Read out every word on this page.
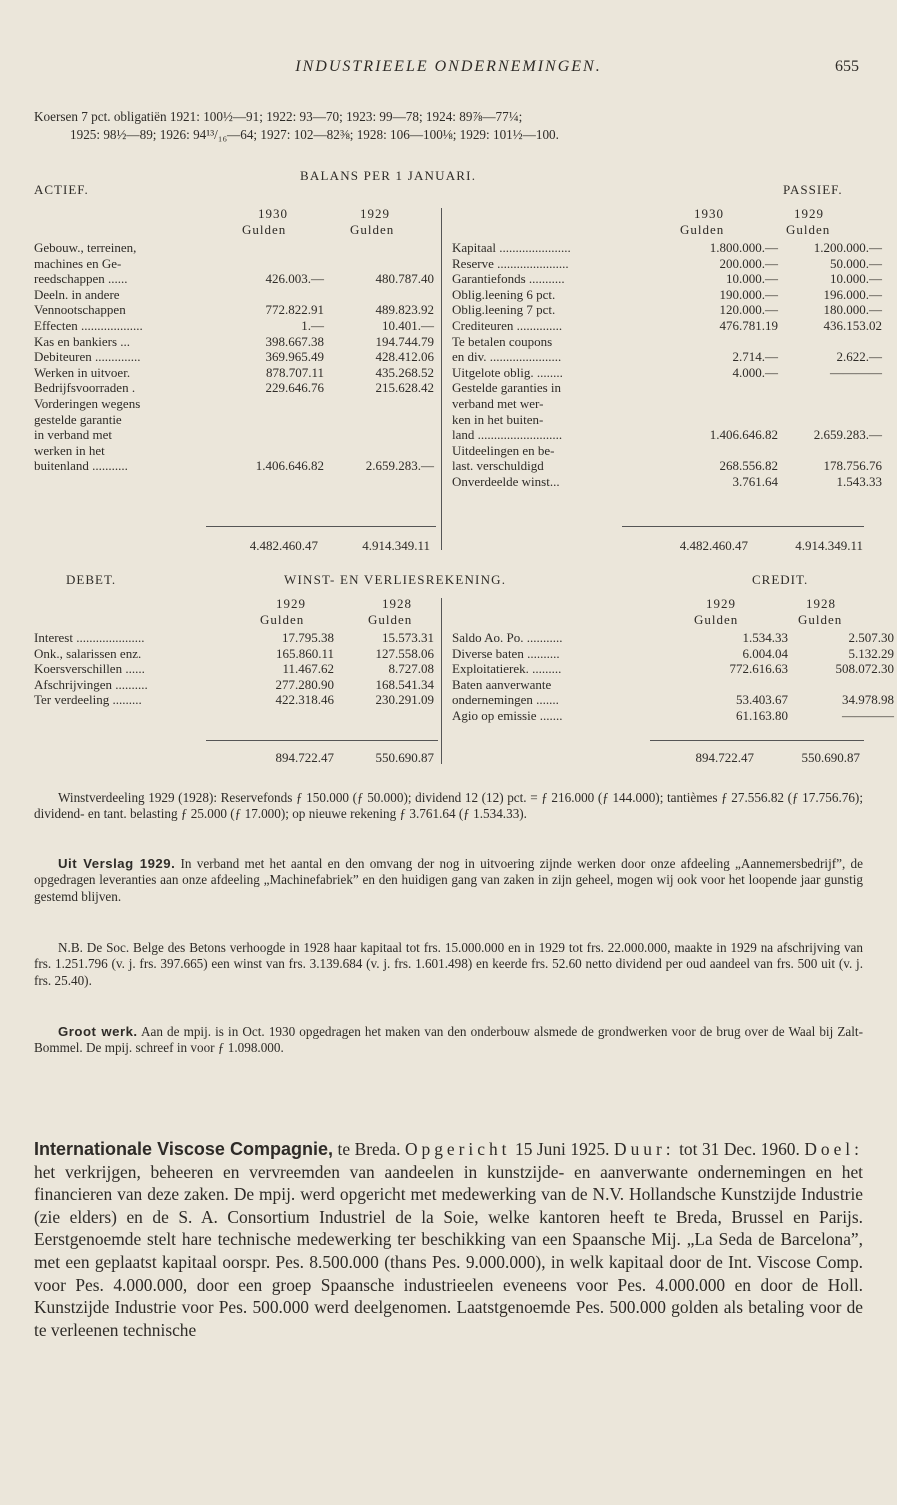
INDUSTRIEELE ONDERNEMINGEN.	655
Koersen 7 pct. obligatiën 1921: 100½—91; 1922: 93—70; 1923: 99—78; 1924: 89⅞—77¼;
1925: 98½—89; 1926: 94¹³/₁₆—64; 1927: 102—82⅜; 1928: 106—100⅛; 1929: 101½—100.
BALANS PER 1 JANUARI.
ACTIEF.	PASSIEF.
1930	1929
Gulden	Gulden
1930	1929
Gulden	Gulden
Gebouw., terreinen,
machines en Ge-
reedschappen ......	426.003.—	480.787.40
Deeln. in andere
Vennootschappen	772.822.91	489.823.92
Effecten ...................	1.—	10.401.—
Kas en bankiers ...	398.667.38	194.744.79
Debiteuren ..............	369.965.49	428.412.06
Werken in uitvoer.	878.707.11	435.268.52
Bedrijfsvoorraden .	229.646.76	215.628.42
Vorderingen wegens
gestelde garantie
in verband met
werken in het
buitenland ...........	1.406.646.82	2.659.283.—
Kapitaal ......................	1.800.000.—	1.200.000.—
Reserve ......................	200.000.—	50.000.—
Garantiefonds ...........	10.000.—	10.000.—
Oblig.leening 6 pct.	190.000.—	196.000.—
Oblig.leening 7 pct.	120.000.—	180.000.—
Crediteuren ..............	476.781.19	436.153.02
Te betalen coupons
en div. ......................	2.714.—	2.622.—
Uitgelote oblig. ........	4.000.—	————
Gestelde garanties in
verband met wer-
ken in het buiten-
land ..........................	1.406.646.82	2.659.283.—
Uitdeelingen en be-
last. verschuldigd	268.556.82	178.756.76
Onverdeelde winst...	3.761.64	1.543.33
4.482.460.47	4.914.349.11	4.482.460.47	4.914.349.11
DEBET.	WINST- EN VERLIESREKENING.	CREDIT.
1929	1928
Gulden	Gulden
1929	1928
Gulden	Gulden
Interest .....................	17.795.38	15.573.31
Onk., salarissen enz.	165.860.11	127.558.06
Koersverschillen ......	11.467.62	8.727.08
Afschrijvingen ..........	277.280.90	168.541.34
Ter verdeeling .........	422.318.46	230.291.09
Saldo Ao. Po. ...........	1.534.33	2.507.30
Diverse baten ..........	6.004.04	5.132.29
Exploitatierek. .........	772.616.63	508.072.30
Baten aanverwante
ondernemingen .......	53.403.67	34.978.98
Agio op emissie .......	61.163.80	————
894.722.47	550.690.87	894.722.47	550.690.87
Winstverdeeling 1929 (1928): Reservefonds ƒ 150.000 (ƒ 50.000); dividend 12 (12) pct. = ƒ 216.000 (ƒ 144.000); tantièmes ƒ 27.556.82 (ƒ 17.756.76); dividend- en tant. belasting ƒ 25.000 (ƒ 17.000); op nieuwe rekening ƒ 3.761.64 (ƒ 1.534.33).
Uit Verslag 1929. In verband met het aantal en den omvang der nog in uitvoering zijnde werken door onze afdeeling „Aannemersbedrijf”, de opgedragen leveranties aan onze afdeeling „Machinefabriek” en den huidigen gang van zaken in zijn geheel, mogen wij ook voor het loopende jaar gunstig gestemd blijven.
N.B. De Soc. Belge des Betons verhoogde in 1928 haar kapitaal tot frs. 15.000.000 en in 1929 tot frs. 22.000.000, maakte in 1929 na afschrijving van frs. 1.251.796 (v. j. frs. 397.665) een winst van frs. 3.139.684 (v. j. frs. 1.601.498) en keerde frs. 52.60 netto dividend per oud aandeel van frs. 500 uit (v. j. frs. 25.40).
Groot werk. Aan de mpij. is in Oct. 1930 opgedragen het maken van den onderbouw alsmede de grondwerken voor de brug over de Waal bij Zalt-Bommel. De mpij. schreef in voor ƒ 1.098.000.
Internationale Viscose Compagnie, te Breda. Opgericht 15 Juni 1925. Duur: tot 31 Dec. 1960. Doel: het verkrijgen, beheeren en vervreemden van aandeelen in kunstzijde- en aanverwante ondernemingen en het financieren van deze zaken. De mpij. werd opgericht met medewerking van de N.V. Hollandsche Kunstzijde Industrie (zie elders) en de S. A. Consortium Industriel de la Soie, welke kantoren heeft te Breda, Brussel en Parijs. Eerstgenoemde stelt hare technische medewerking ter beschikking van een Spaansche Mij. „La Seda de Barcelona”, met een geplaatst kapitaal oorspr. Pes. 8.500.000 (thans Pes. 9.000.000), in welk kapitaal door de Int. Viscose Comp. voor Pes. 4.000.000, door een groep Spaansche industrieelen eveneens voor Pes. 4.000.000 en door de Holl. Kunstzijde Industrie voor Pes. 500.000 werd deelgenomen. Laatstgenoemde Pes. 500.000 golden als betaling voor de te verleenen technische
